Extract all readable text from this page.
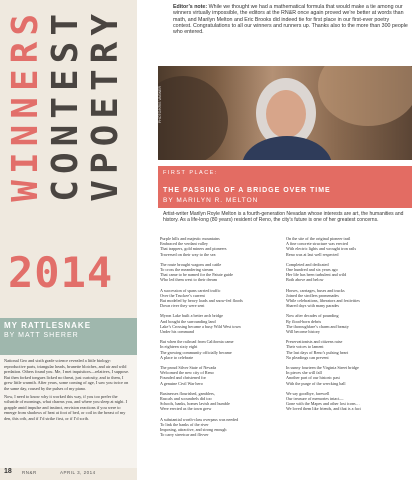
WINNERS CONTEST VPOETRY
2014
MY RATTLESNAKE
BY MATT SHERER

National Geo and sixth grade science revealed a little biology: reproductive parts, triangular heads, brunette blotches, and air and wild predation. Others found you. Me, I met inquisitors—relatives, I suppose. But then forked tongues licked no threat, just curiosity, and to them, I grew little warmth. After years, some coming of age, I saw you twice on the same day, roused by the pulses of my piano.

Now, I need to know why it worked this way, if you too prefer the wilsnide of mornings, what charms you, and where you sleep at night. I grapple amid impulse and instinct, envision reactions if you were to emerge from shadows of heat at foot of bed, or coil in the breast of my den, this crib, and if I’d strike first, or if I’d scrib.

Editor’s note: While we thought we had a mathematical formula that would make a tie among our winners virtually impossible, the editors at the RN&R once again proved we’re better at words than math, and Marilyn Melton and Eric Brooks did indeed tie for first place in our first-ever poetry contest. Congratulations to all our winners and runners up. Thanks also to the more than 300 people who entered.
PHOTO/KRIS VAGNER
FIRST PLACE:
THE PASSING OF A BRIDGE OVER TIME
BY MARILYN R. MELTON
Artist-writer Marilyn Royle Melton is a fourth-generation Nevadan whose interests are art, the humanities and history. As a life-long (80 years) resident of Reno, the city’s future is one of her greatest concerns.
Purple hills and majestic mountains
Embraced the verdant valley
That trappers, gold miners and pioneers
Traversed on their way to the sea
The route brought wagons and cattle
To cross the meandering stream
That came to be named for the Paiute guide
Who led them west to their dream
A succession of spans carried traffic
Over the Truckee’s current
But modeled by heavy loads and snow-fed floods
Down river they were sent
Myron Lake built a better arch bridge
And bought the surrounding land
Lake’s Crossing became a busy Wild West town
Under his command
But when the railroad from California came
In eighteen sixty eight
The growing community officially became
A place to celebrate
The proud Silver State of Nevada
Welcomed the new city of Reno
Founded and christened for
A genuine Civil War hero
Businesses flourished, gamblers,
Rascals and scoundrels did too
Schools, banks, homes lavish and humble
Were erected as the town grew
A substantial worth-class overpass was needed
To link the banks of the river
Imposing, attractive, and strong enough
To carry streetcar and flivver
On the site of the original pioneer trail
A fine concrete structure was erected
With electric lights and wrought iron rails
Reno was at last well respected
Completed and dedicated
One hundred and six years ago
Her life has been turbulent and wild
Both above and below
Horses, carriages, buses and trucks
Joined the strollers promenades
While celebrations, liberators and festivities
Shared days with many parades
Now after decades of pounding
By flood-born debris
The thoroughfare’s charm and beauty
Will become history
Preservationists and citizens raise
Their voices to lament
The last days of Reno’s pulsing heart
No pleadings can prevent
In sunny fourteen the Virginia Street bridge
In pieces she will fall
Another part of our historic past
With the purge of the wrecking ball
We say goodbye, farewell
Our treasure of memories intact—
Gone with the Mapes and other lost icons…
We loved them like friends, and that is a fact
18 RN&R	APRIL 3, 2014
